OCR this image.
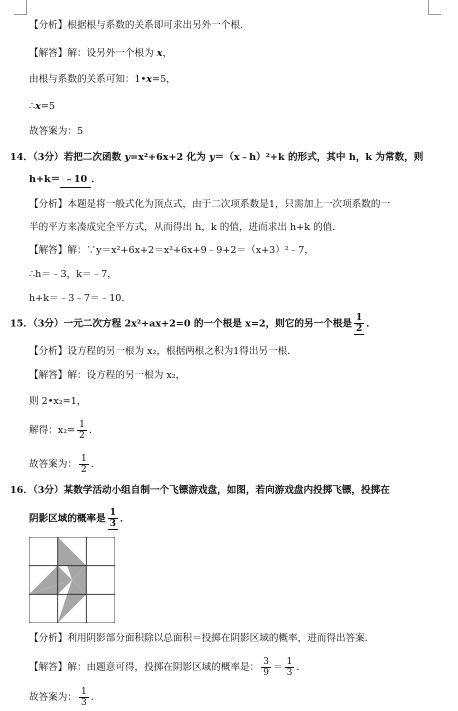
【分析】根据根与系数的关系即可求出另外一个根．
【解答】解：设另外一个根为 x，
由根与系数的关系可知：1•x=5，
∴x=5
故答案为：5
14．（3分）若把二次函数 y=x²+6x+2 化为 y＝（x﹣h）²+k 的形式，其中 h，k 为常数，则
h+k＝ ﹣10 ．
【分析】本题是将一般式化为顶点式，由于二次项系数是1，只需加上一次项系数的一
半的平方来凑成完全平方式，从而得出 h，k 的值，进而求出 h+k 的值．
【解答】解：∵y＝x²+6x+2＝x²+6x+9﹣9+2＝（x+3）²﹣7，
∴h＝﹣3，k＝﹣7，
h+k＝﹣3﹣7＝﹣10．
15．（3分）一元二次方程 2x²+ax+2=0 的一个根是 x=2，则它的另一个根是 $\frac{1}{2}$ ．
【分析】设方程的另一根为 x₂，根据两根之积为1得出另一根．
【解答】解：设方程的另一根为 x₂，
则 2•x₂=1，
解得：$x_2= \frac{1}{2}$ ．
故答案为： $\frac{1}{2}$ ．
16．（3分）某数学活动小组自制一个飞镖游戏盘，如图，若向游戏盘内投掷飞镖，投掷在
阴影区域的概率是 $\frac{1}{3}$ ．
【分析】利用阴影部分面积除以总面积＝投掷在阴影区域的概率，进而得出答案．
【解答】解：由题意可得，投掷在阴影区域的概率是： $\frac{3}{9} = \frac{1}{3}$ ．
故答案为： $\frac{1}{3}$ ．
